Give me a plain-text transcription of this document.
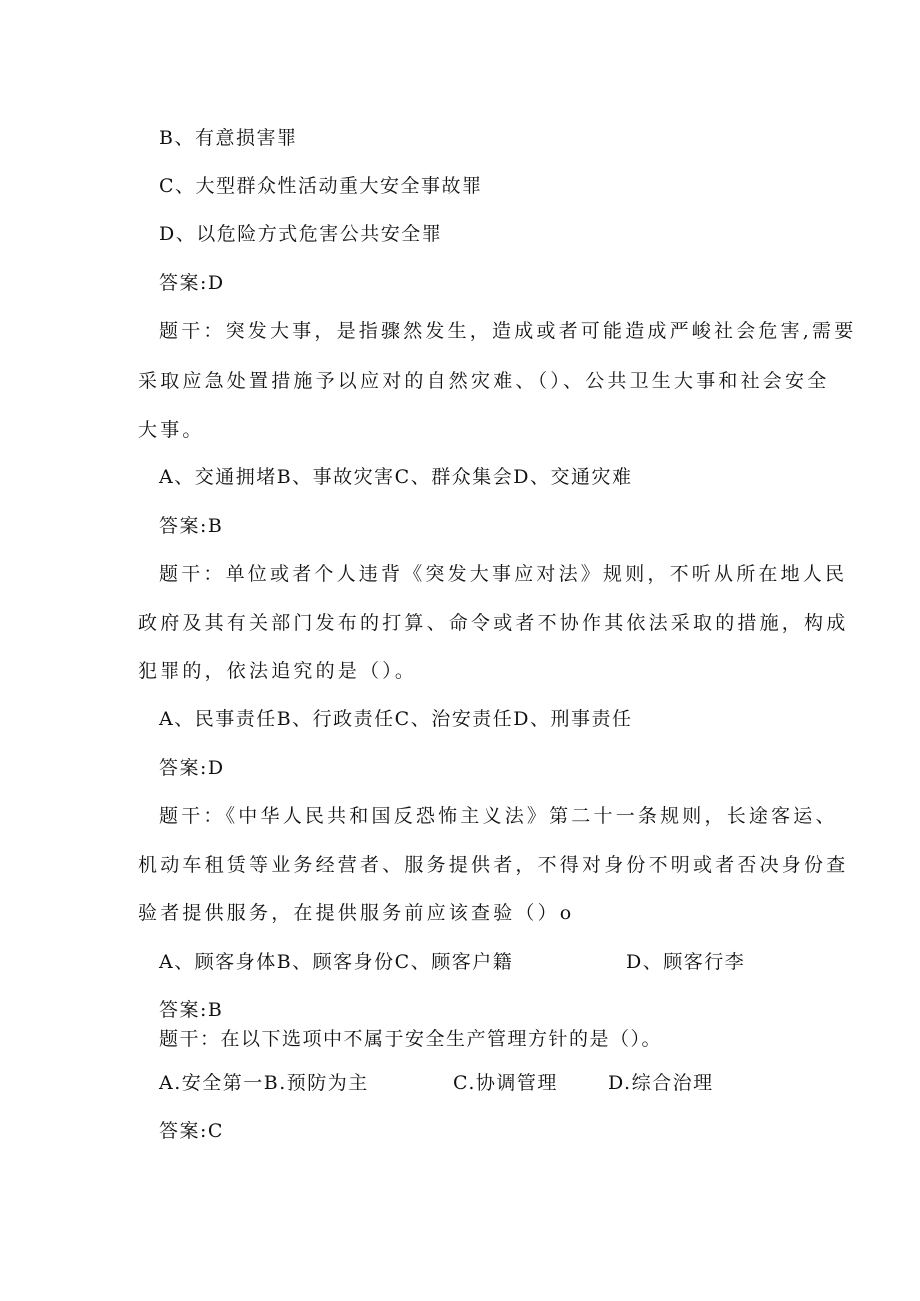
B、有意损害罪
C、大型群众性活动重大安全事故罪
D、以危险方式危害公共安全罪
答案:D
题干：突发大事，是指骤然发生，造成或者可能造成严峻社会危害,需要
采取应急处置措施予以应对的自然灾难、（）、公共卫生大事和社会安全
大事。
A、交通拥堵B、事故灾害C、群众集会D、交通灾难
答案:B
题干：单位或者个人违背《突发大事应对法》规则，不听从所在地人民
政府及其有关部门发布的打算、命令或者不协作其依法采取的措施，构成
犯罪的，依法追究的是（）。
A、民事责任B、行政责任C、治安责任D、刑事责任
答案:D
题干：《中华人民共和国反恐怖主义法》第二十一条规则，长途客运、
机动车租赁等业务经营者、服务提供者，不得对身份不明或者否决身份查
验者提供服务，在提供服务前应该查验（）o
A、顾客身体B、顾客身份C、顾客户籍	D、顾客行李
答案:B
题干：在以下选项中不属于安全生产管理方针的是（）。
A.安全第一B.预防为主	C.协调管理	D.综合治理
答案:C
